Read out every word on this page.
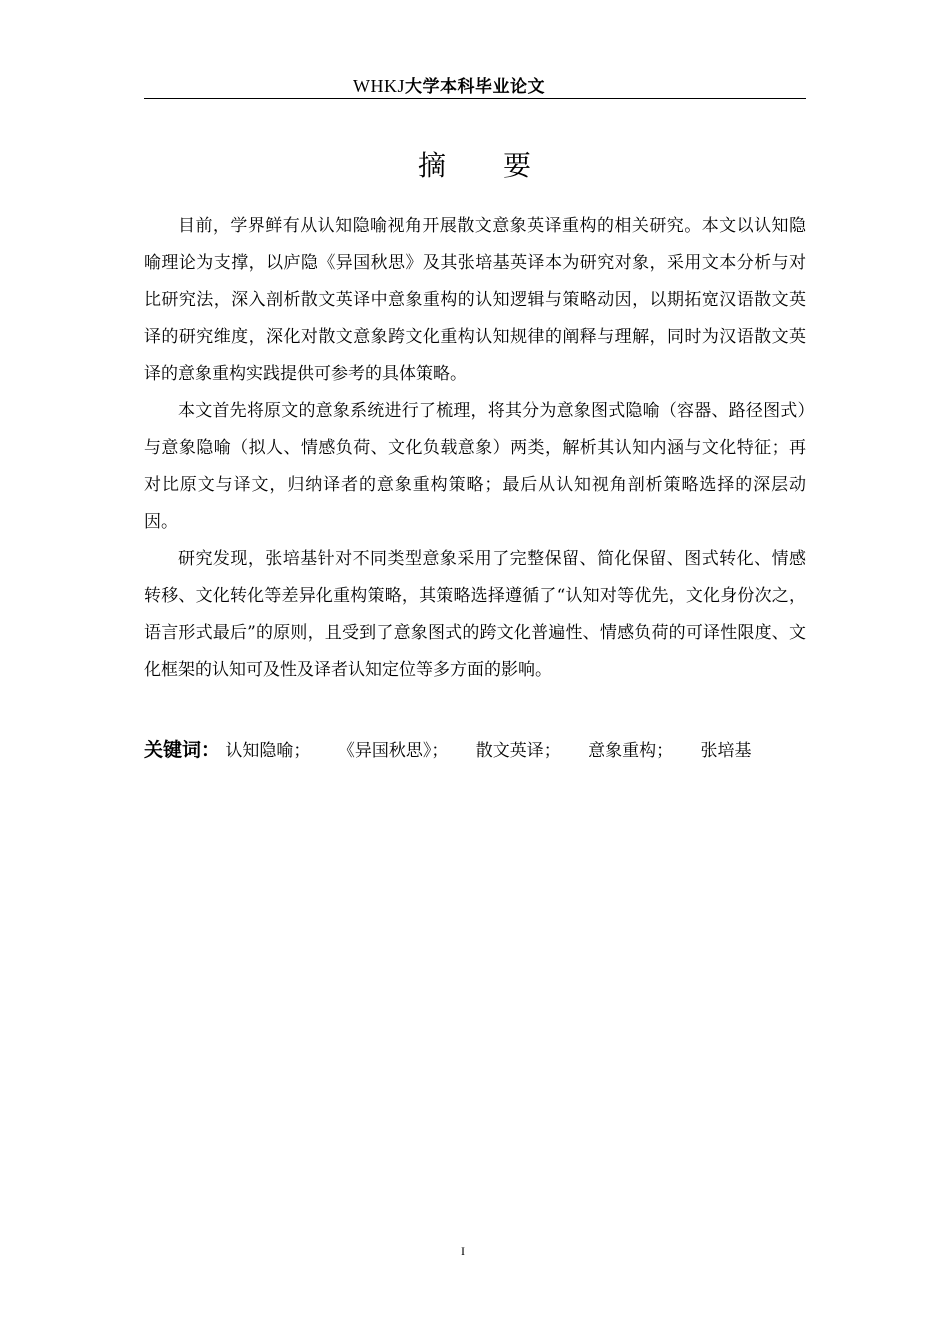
WHKJ大学本科毕业论文
摘 要

目前，学界鲜有从认知隐喻视角开展散文意象英译重构的相关研究。本文以认知隐喻理论为支撑，以庐隐《异国秋思》及其张培基英译本为研究对象，采用文本分析与对比研究法，深入剖析散文英译中意象重构的认知逻辑与策略动因，以期拓宽汉语散文英译的研究维度，深化对散文意象跨文化重构认知规律的阐释与理解，同时为汉语散文英译的意象重构实践提供可参考的具体策略。

本文首先将原文的意象系统进行了梳理，将其分为意象图式隐喻（容器、路径图式）与意象隐喻（拟人、情感负荷、文化负载意象）两类，解析其认知内涵与文化特征；再对比原文与译文，归纳译者的意象重构策略；最后从认知视角剖析策略选择的深层动因。

研究发现，张培基针对不同类型意象采用了完整保留、简化保留、图式转化、情感转移、文化转化等差异化重构策略，其策略选择遵循了“认知对等优先，文化身份次之，语言形式最后”的原则，且受到了意象图式的跨文化普遍性、情感负荷的可译性限度、文化框架的认知可及性及译者认知定位等多方面的影响。

关键词： 认知隐喻； 《异国秋思》； 散文英译； 意象重构； 张培基
I
